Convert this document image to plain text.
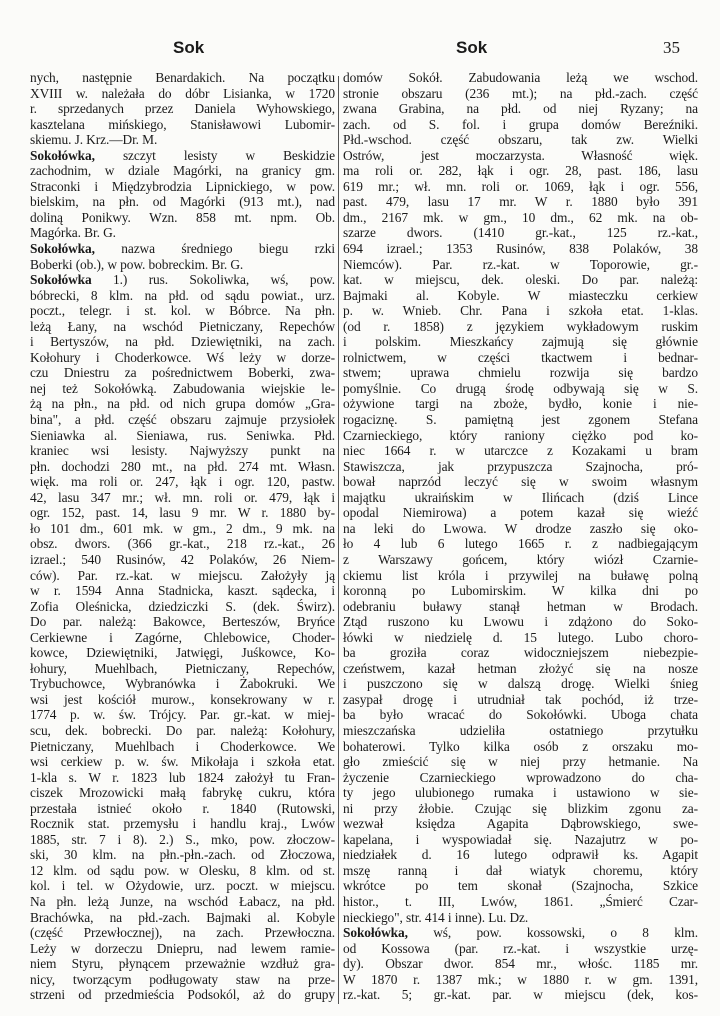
Sok	Sok	35
nych, następnie Benardakich. Na początku
XVIII w. należała do dóbr Lisianka, w 1720
r. sprzedanych przez Daniela Wyhowskiego,
kasztelana mińskiego, Stanisławowi Lubomir-
skiemu. J. Krz.—Dr. M.
Sokołówka, szczyt lesisty w Beskidzie
zachodnim, w dziale Magórki, na granicy gm.
Straconki i Międzybrodzia Lipnickiego, w pow.
bielskim, na płn. od Magórki (913 mt.), nad
doliną Ponikwy. Wzn. 858 mt. npm. Ob.
Magórka. Br. G.
Sokołówka, nazwa średniego biegu rzki
Boberki (ob.), w pow. bobreckim. Br. G.
Sokołówka 1.) rus. Sokoliwka, wś, pow.
bóbrecki, 8 klm. na płd. od sądu powiat., urz.
poczt., telegr. i st. kol. w Bóbrce. Na płn.
leżą Łany, na wschód Pietniczany, Repechów
i Bertyszów, na płd. Dziewiętniki, na zach.
Kołohury i Choderkowce. Wś leży w dorze-
czu Dniestru za pośrednictwem Boberki, zwa-
nej też Sokołówką. Zabudowania wiejskie le-
żą na płn., na płd. od nich grupa domów „Gra-
bina", a płd. część obszaru zajmuje przysiołek
Sieniawka al. Sieniawa, rus. Seniwka. Płd.
kraniec wsi lesisty. Najwyższy punkt na
płn. dochodzi 280 mt., na płd. 274 mt. Własn.
więk. ma roli or. 247, łąk i ogr. 120, pastw.
42, lasu 347 mr.; wł. mn. roli or. 479, łąk i
ogr. 152, past. 14, lasu 9 mr. W r. 1880 by-
ło 101 dm., 601 mk. w gm., 2 dm., 9 mk. na
obsz. dwors. (366 gr.-kat., 218 rz.-kat., 26
izrael.; 540 Rusinów, 42 Polaków, 26 Niem-
ców). Par. rz.-kat. w miejscu. Założyły ją
w r. 1594 Anna Stadnicka, kaszt. sądecka, i
Zofia Oleśnicka, dziedziczki S. (dek. Świrz).
Do par. należą: Bakowce, Berteszów, Bryńce
Cerkiewne i Zagórne, Chlebowice, Choder-
kowce, Dziewiętniki, Jatwięgi, Juśkowce, Ko-
łohury, Muehlbach, Pietniczany, Repechów,
Trybuchowce, Wybranówka i Żabokruki. We
wsi jest kościół murow., konsekrowany w r.
1774 p. w. św. Trójcy. Par. gr.-kat. w miej-
scu, dek. bobrecki. Do par. należą: Kołohury,
Pietniczany, Muehlbach i Choderkowce. We
wsi cerkiew p. w. św. Mikołaja i szkoła etat.
1-kla s. W r. 1823 lub 1824 założył tu Fran-
ciszek Mrozowicki małą fabrykę cukru, która
przestała istnieć około r. 1840 (Rutowski,
Rocznik stat. przemysłu i handlu kraj., Lwów
1885, str. 7 i 8). 2.) S., mko, pow. złoczow-
ski, 30 klm. na płn.-płn.-zach. od Złoczowa,
12 klm. od sądu pow. w Olesku, 8 klm. od st.
kol. i tel. w Ożydowie, urz. poczt. w miejscu.
Na płn. leżą Junze, na wschód Łabacz, na płd.
Brachówka, na płd.-zach. Bajmaki al. Kobyle
(część Przewłocznej), na zach. Przewłoczna.
Leży w dorzeczu Dniepru, nad lewem ramie-
niem Styru, płynącem przeważnie wzdłuż gra-
nicy, tworzącym podługowaty staw na prze-
strzeni od przedmieścia Podsokól, aż do grupy
domów Sokół. Zabudowania leżą we wschod.
stronie obszaru (236 mt.); na płd.-zach. część
zwana Grabina, na płd. od niej Ryzany; na
zach. od S. fol. i grupa domów Bereźniki.
Płd.-wschod. część obszaru, tak zw. Wielki
Ostrów, jest moczarzysta. Własność więk.
ma roli or. 282, łąk i ogr. 28, past. 186, lasu
619 mr.; wł. mn. roli or. 1069, łąk i ogr. 556,
past. 479, lasu 17 mr. W r. 1880 było 391
dm., 2167 mk. w gm., 10 dm., 62 mk. na ob-
szarze dwors. (1410 gr.-kat., 125 rz.-kat.,
694 izrael.; 1353 Rusinów, 838 Polaków, 38
Niemców). Par. rz.-kat. w Toporowie, gr.-
kat. w miejscu, dek. oleski. Do par. należą:
Bajmaki al. Kobyle. W miasteczku cerkiew
p. w. Wnieb. Chr. Pana i szkoła etat. 1-klas.
(od r. 1858) z językiem wykładowym ruskim
i polskim. Mieszkańcy zajmują się głównie
rolnictwem, w części tkactwem i bednar-
stwem; uprawa chmielu rozwija się bardzo
pomyślnie. Co drugą środę odbywają się w S.
ożywione targi na zboże, bydło, konie i nie-
rogaciznę. S. pamiętną jest zgonem Stefana
Czarnieckiego, który raniony ciężko pod ko-
niec 1664 r. w utarczce z Kozakami u bram
Stawiszcza, jak przypuszcza Szajnocha, pró-
bował naprzód leczyć się w swoim własnym
majątku ukraińskim w Ilińcach (dziś Lince
opodal Niemirowa) a potem kazał się wieźć
na leki do Lwowa. W drodze zaszło się oko-
ło 4 lub 6 lutego 1665 r. z nadbiegającym
z Warszawy gońcem, który wiózł Czarnie-
ckiemu list króla i przywilej na buławę polną
koronną po Lubomirskim. W kilka dni po
odebraniu buławy stanął hetman w Brodach.
Ztąd ruszono ku Lwowu i zdążono do Soko-
łówki w niedzielę d. 15 lutego. Lubo choro-
ba groziła coraz widoczniejszem niebezpie-
czeństwem, kazał hetman złożyć się na nosze
i puszczono się w dalszą drogę. Wielki śnieg
zasypał drogę i utrudniał tak pochód, iż trze-
ba było wracać do Sokołówki. Uboga chata
mieszczańska udzieliła ostatniego przytułku
bohaterowi. Tylko kilka osób z orszaku mo-
gło zmieścić się w niej przy hetmanie. Na
życzenie Czarnieckiego wprowadzono do cha-
ty jego ulubionego rumaka i ustawiono w sie-
ni przy żłobie. Czując się blizkim zgonu za-
wezwał księdza Agapita Dąbrowskiego, swe-
kapelana, i wyspowiadał się. Nazajutrz w po-
niedziałek d. 16 lutego odprawił ks. Agapit
mszę ranną i dał wiatyk choremu, który
wkrótce po tem skonał (Szajnocha, Szkice
histor., t. III, Lwów, 1861. „Śmierć Czar-
nieckiego", str. 414 i inne). Lu. Dz.
Sokołówka, wś, pow. kossowski, o 8 klm.
od Kossowa (par. rz.-kat. i wszystkie urzę-
dy). Obszar dwor. 854 mr., włośc. 1185 mr.
W 1870 r. 1387 mk.; w 1880 r. w gm. 1391,
rz.-kat. 5; gr.-kat. par. w miejscu (dek, kos-
